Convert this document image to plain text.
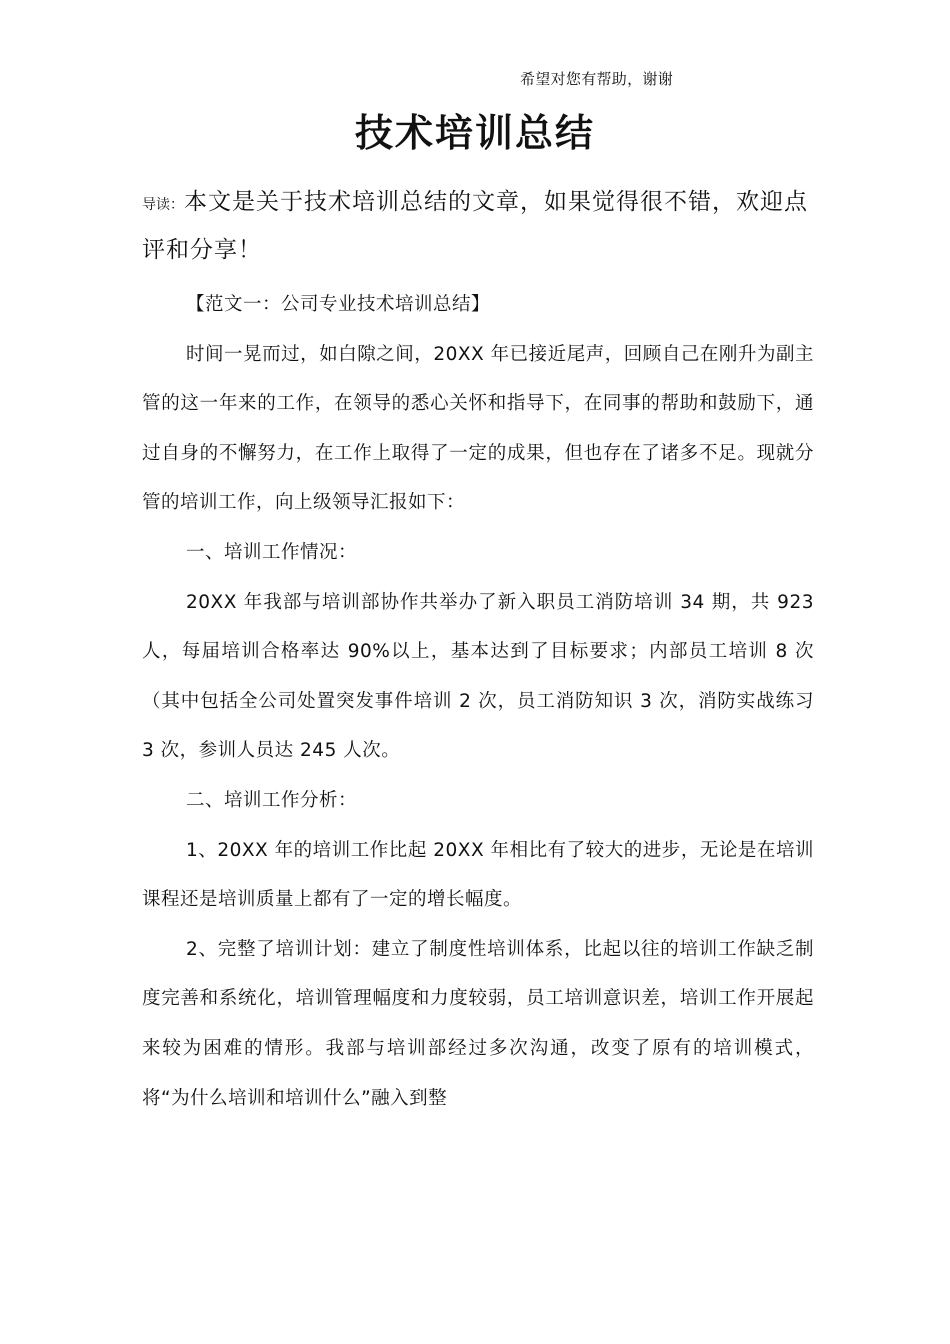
希望对您有帮助，谢谢
技术培训总结
导读：本文是关于技术培训总结的文章，如果觉得很不错，欢迎点评和分享！

【范文一：公司专业技术培训总结】

时间一晃而过，如白隙之间，20XX 年已接近尾声，回顾自己在刚升为副主管的这一年来的工作，在领导的悉心关怀和指导下，在同事的帮助和鼓励下，通过自身的不懈努力，在工作上取得了一定的成果，但也存在了诸多不足。现就分管的培训工作，向上级领导汇报如下：

一、培训工作情况：

20XX 年我部与培训部协作共举办了新入职员工消防培训 34 期，共 923 人，每届培训合格率达 90%以上，基本达到了目标要求；内部员工培训 8 次（其中包括全公司处置突发事件培训 2 次，员工消防知识 3 次，消防实战练习 3 次，参训人员达 245 人次。

二、培训工作分析：

1、20XX 年的培训工作比起 20XX 年相比有了较大的进步，无论是在培训课程还是培训质量上都有了一定的增长幅度。

2、完整了培训计划：建立了制度性培训体系，比起以往的培训工作缺乏制度完善和系统化，培训管理幅度和力度较弱，员工培训意识差，培训工作开展起来较为困难的情形。我部与培训部经过多次沟通，改变了原有的培训模式，将“为什么培训和培训什么”融入到整
